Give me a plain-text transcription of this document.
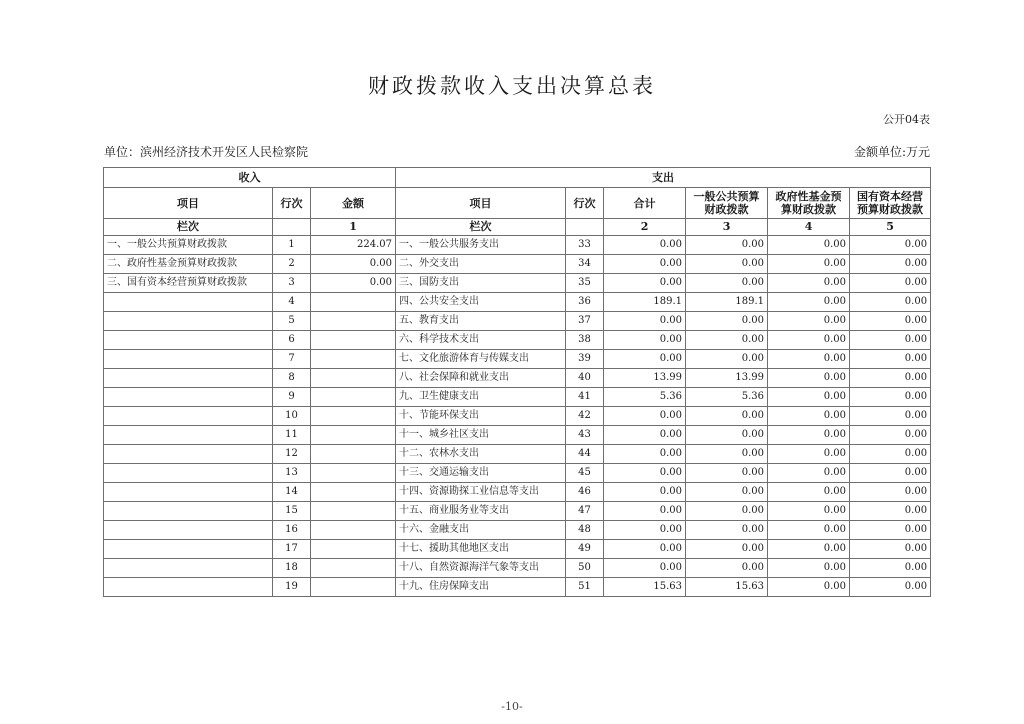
财政拨款收入支出决算总表
公开04表
单位：滨州经济技术开发区人民检察院	金额单位:万元
收入			支出					
项目	行次	金额	项目	行次	合计	一般公共预算财政拨款	政府性基金预算财政拨款	国有资本经营预算财政拨款
栏次		1	栏次		2	3	4	5
一、一般公共预算财政拨款	1	224.07	一、一般公共服务支出	33	0.00	0.00	0.00	0.00
二、政府性基金预算财政拨款	2	0.00	二、外交支出	34	0.00	0.00	0.00	0.00
三、国有资本经营预算财政拨款	3	0.00	三、国防支出	35	0.00	0.00	0.00	0.00
	4		四、公共安全支出	36	189.1	189.1	0.00	0.00
	5		五、教育支出	37	0.00	0.00	0.00	0.00
	6		六、科学技术支出	38	0.00	0.00	0.00	0.00
	7		七、文化旅游体育与传媒支出	39	0.00	0.00	0.00	0.00
	8		八、社会保障和就业支出	40	13.99	13.99	0.00	0.00
	9		九、卫生健康支出	41	5.36	5.36	0.00	0.00
	10		十、节能环保支出	42	0.00	0.00	0.00	0.00
	11		十一、城乡社区支出	43	0.00	0.00	0.00	0.00
	12		十二、农林水支出	44	0.00	0.00	0.00	0.00
	13		十三、交通运输支出	45	0.00	0.00	0.00	0.00
	14		十四、资源勘探工业信息等支出	46	0.00	0.00	0.00	0.00
	15		十五、商业服务业等支出	47	0.00	0.00	0.00	0.00
	16		十六、金融支出	48	0.00	0.00	0.00	0.00
	17		十七、援助其他地区支出	49	0.00	0.00	0.00	0.00
	18		十八、自然资源海洋气象等支出	50	0.00	0.00	0.00	0.00
	19		十九、住房保障支出	51	15.63	15.63	0.00	0.00
-10-
